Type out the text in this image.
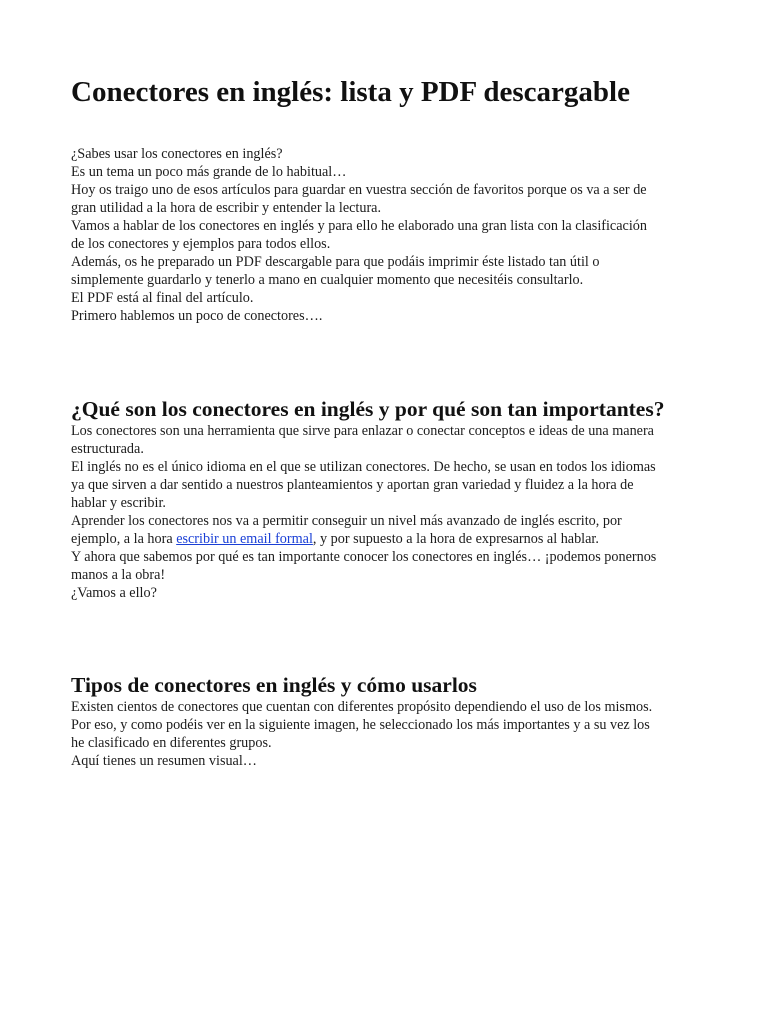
Conectores en inglés: lista y PDF descargable
¿Sabes usar los conectores en inglés?
Es un tema un poco más grande de lo habitual…
Hoy os traigo uno de esos artículos para guardar en vuestra sección de favoritos porque os va a ser de
gran utilidad a la hora de escribir y entender la lectura.
Vamos a hablar de los conectores en inglés y para ello he elaborado una gran lista con la clasificación
de los conectores y ejemplos para todos ellos.
Además, os he preparado un PDF descargable para que podáis imprimir éste listado tan útil o
simplemente guardarlo y tenerlo a mano en cualquier momento que necesitéis consultarlo.
El PDF está al final del artículo.
Primero hablemos un poco de conectores….
¿Qué son los conectores en inglés y por qué son tan importantes?
Los conectores son una herramienta que sirve para enlazar o conectar conceptos e ideas de una manera
estructurada.
El inglés no es el único idioma en el que se utilizan conectores. De hecho, se usan en todos los idiomas
ya que sirven a dar sentido a nuestros planteamientos y aportan gran variedad y fluidez a la hora de
hablar y escribir.
Aprender los conectores nos va a permitir conseguir un nivel más avanzado de inglés escrito, por
ejemplo, a la hora escribir un email formal, y por supuesto a la hora de expresarnos al hablar.
Y ahora que sabemos por qué es tan importante conocer los conectores en inglés… ¡podemos ponernos
manos a la obra!
¿Vamos a ello?
Tipos de conectores en inglés y cómo usarlos
Existen cientos de conectores que cuentan con diferentes propósito dependiendo el uso de los mismos.
Por eso, y como podéis ver en la siguiente imagen, he seleccionado los más importantes y a su vez los
he clasificado en diferentes grupos.
Aquí tienes un resumen visual…
